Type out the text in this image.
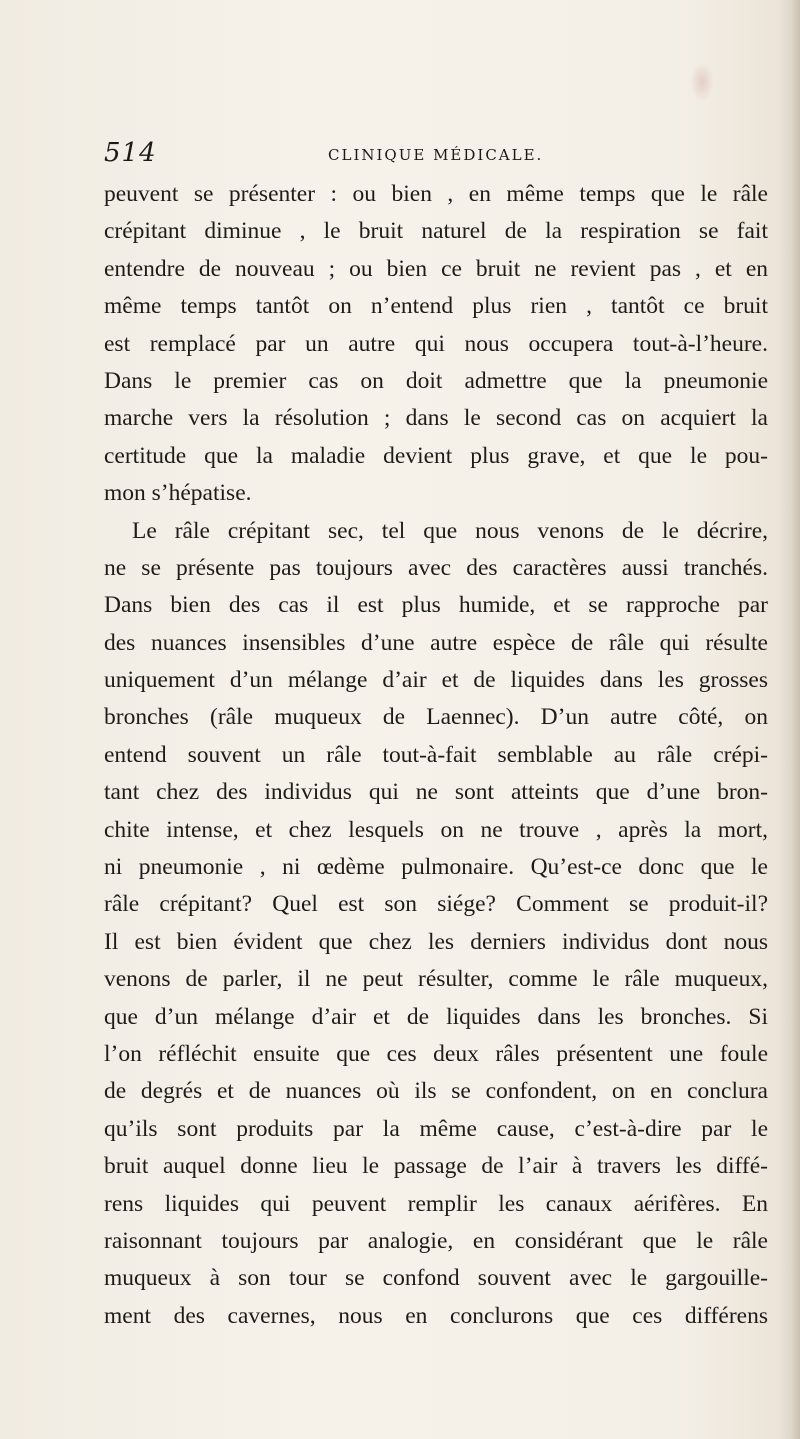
514	CLINIQUE MÉDICALE.
peuvent se présenter : ou bien , en même temps que le râle
crépitant diminue , le bruit naturel de la respiration se fait
entendre de nouveau ; ou bien ce bruit ne revient pas , et en
même temps tantôt on n’entend plus rien , tantôt ce bruit
est remplacé par un autre qui nous occupera tout-à-l’heure.
Dans le premier cas on doit admettre que la pneumonie
marche vers la résolution ; dans le second cas on acquiert la
certitude que la maladie devient plus grave, et que le pou-
mon s’hépatise.
Le râle crépitant sec, tel que nous venons de le décrire,
ne se présente pas toujours avec des caractères aussi tranchés.
Dans bien des cas il est plus humide, et se rapproche par
des nuances insensibles d’une autre espèce de râle qui résulte
uniquement d’un mélange d’air et de liquides dans les grosses
bronches (râle muqueux de Laennec). D’un autre côté, on
entend souvent un râle tout-à-fait semblable au râle crépi-
tant chez des individus qui ne sont atteints que d’une bron-
chite intense, et chez lesquels on ne trouve , après la mort,
ni pneumonie , ni œdème pulmonaire. Qu’est-ce donc que le
râle crépitant? Quel est son siége? Comment se produit-il?
Il est bien évident que chez les derniers individus dont nous
venons de parler, il ne peut résulter, comme le râle muqueux,
que d’un mélange d’air et de liquides dans les bronches. Si
l’on réfléchit ensuite que ces deux râles présentent une foule
de degrés et de nuances où ils se confondent, on en conclura
qu’ils sont produits par la même cause, c’est-à-dire par le
bruit auquel donne lieu le passage de l’air à travers les diffé-
rens liquides qui peuvent remplir les canaux aérifères. En
raisonnant toujours par analogie, en considérant que le râle
muqueux à son tour se confond souvent avec le gargouille-
ment des cavernes, nous en conclurons que ces différens
